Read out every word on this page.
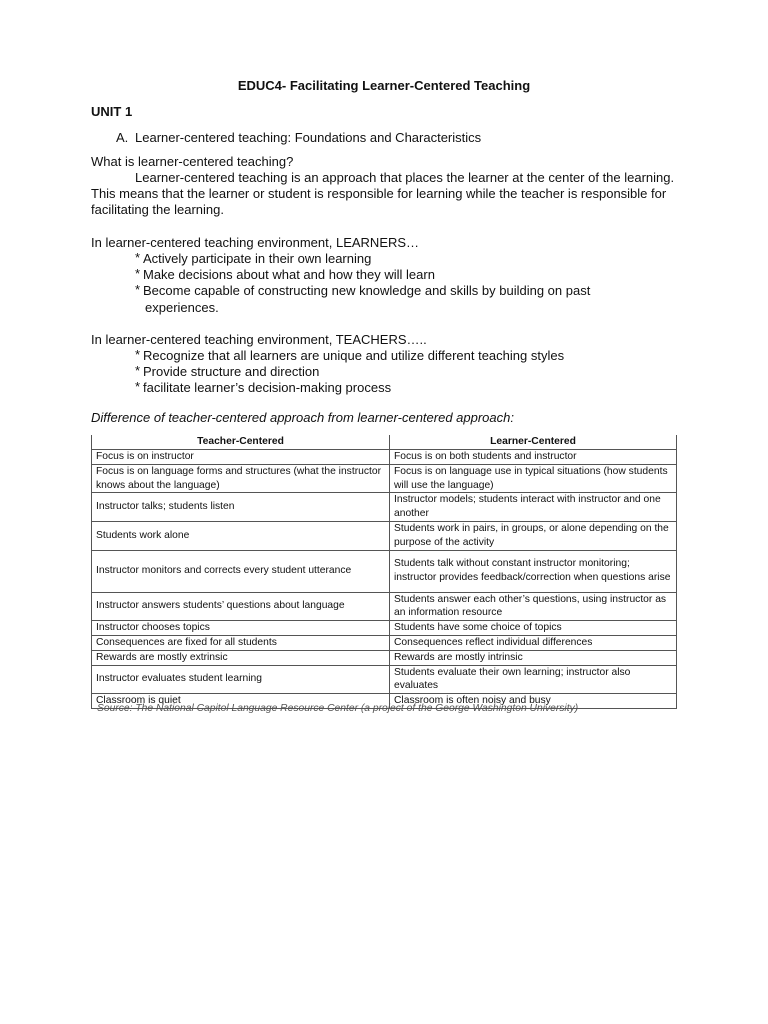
EDUC4- Facilitating Learner-Centered Teaching
UNIT 1
A. Learner-centered teaching: Foundations and Characteristics
What is learner-centered teaching?
Learner-centered teaching is an approach that places the learner at the center of the learning. This means that the learner or student is responsible for learning while the teacher is responsible for facilitating the learning.
In learner-centered teaching environment, LEARNERS…
* Actively participate in their own learning
* Make decisions about what and how they will learn
* Become capable of constructing new knowledge and skills by building on past
experiences.
In learner-centered teaching environment, TEACHERS…..
* Recognize that all learners are unique and utilize different teaching styles
* Provide structure and direction
* facilitate learner’s decision-making process
Difference of teacher-centered approach from learner-centered approach:
Teacher-Centered	Learner-Centered
Focus is on instructor	Focus is on both students and instructor
Focus is on language forms and structures (what the instructor knows about the language)	Focus is on language use in typical situations (how students will use the language)
Instructor talks; students listen	Instructor models; students interact with instructor and one another
Students work alone	Students work in pairs, in groups, or alone depending on the purpose of the activity
Instructor monitors and corrects every student utterance	Students talk without constant instructor monitoring; instructor provides feedback/correction when questions arise
Instructor answers students’ questions about language	Students answer each other’s questions, using instructor as an information resource
Instructor chooses topics	Students have some choice of topics
Consequences are fixed for all students	Consequences reflect individual differences
Rewards are mostly extrinsic	Rewards are mostly intrinsic
Instructor evaluates student learning	Students evaluate their own learning; instructor also evaluates
Classroom is quiet	Classroom is often noisy and busy
Source: The National Capitol Language Resource Center (a project of the George Washington University)
